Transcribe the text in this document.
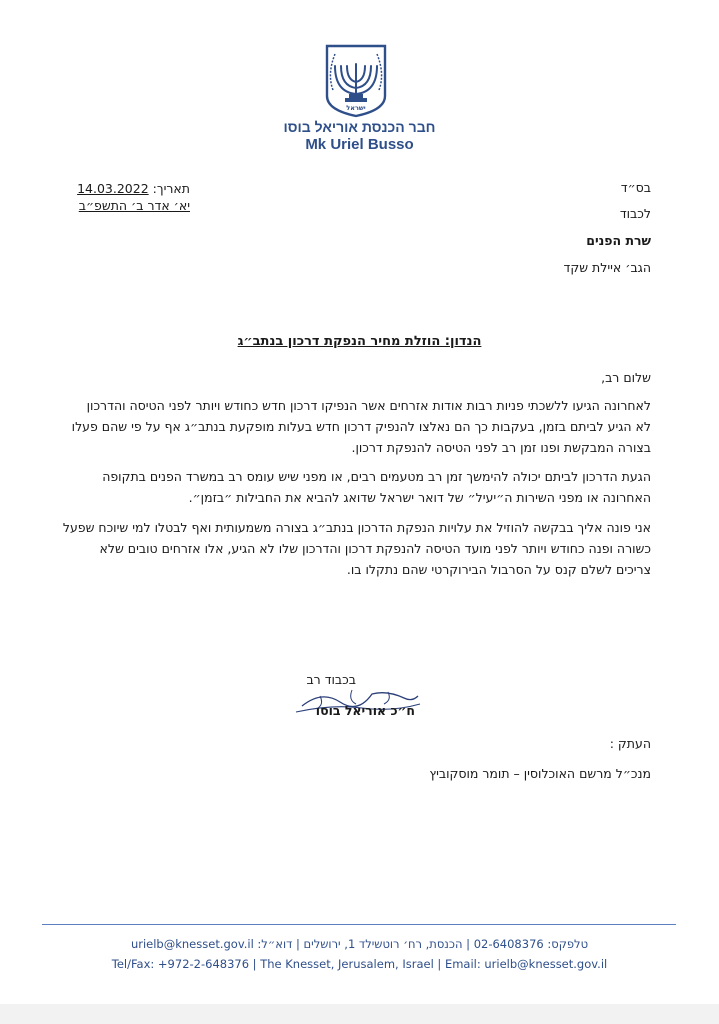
ישראל
חבר הכנסת אוריאל בוסו
Mk Uriel Busso
14.03.2022 :תאריך
יא׳ אדר ב׳ התשפ״ב
בס״ד
לכבוד
שרת הפנים
הגב׳ איילת שקד
הנדון: הוזלת מחיר הנפקת דרכון בנתב״ג
שלום רב,
לאחרונה הגיעו ללשכתי פניות רבות אודות אזרחים אשר הנפיקו דרכון חדש כחודש ויותר לפני הטיסה והדרכון
לא הגיע לביתם בזמן, בעקבות כך הם נאלצו להנפיק דרכון חדש בעלות מופקעת בנתב״ג אף על פי שהם פעלו
בצורה המבקשת ופנו זמן רב לפני הטיסה להנפקת דרכון.
הגעת הדרכון לביתם יכולה להימשך זמן רב מטעמים רבים, או מפני שיש עומס רב במשרד הפנים בתקופה
האחרונה או מפני השירות ה״יעיל״ של דואר ישראל שדואג להביא את החבילות ״בזמן״.
אני פונה אליך בבקשה להוזיל את עלויות הנפקת הדרכון בנתב״ג בצורה משמעותית ואף לבטלו למי שיוכח שפעל
כשורה ופנה כחודש ויותר לפני מועד הטיסה להנפקת דרכון והדרכון שלו לא הגיע, אלו אזרחים טובים שלא
צריכים לשלם קנס על הסרבול הבירוקרטי שהם נתקלו בו.
בכבוד רב
ח״כ אוריאל בוסו
העתק :
מנכ״ל מרשם האוכלוסין – תומר מוסקוביץ
טלפקס: 02-6408376 | הכנסת, רח׳ רוטשילד 1, ירושלים | דוא״ל: urielb@knesset.gov.il
Tel/Fax: +972-2-648376 | The Knesset, Jerusalem, Israel | Email: urielb@knesset.gov.il
